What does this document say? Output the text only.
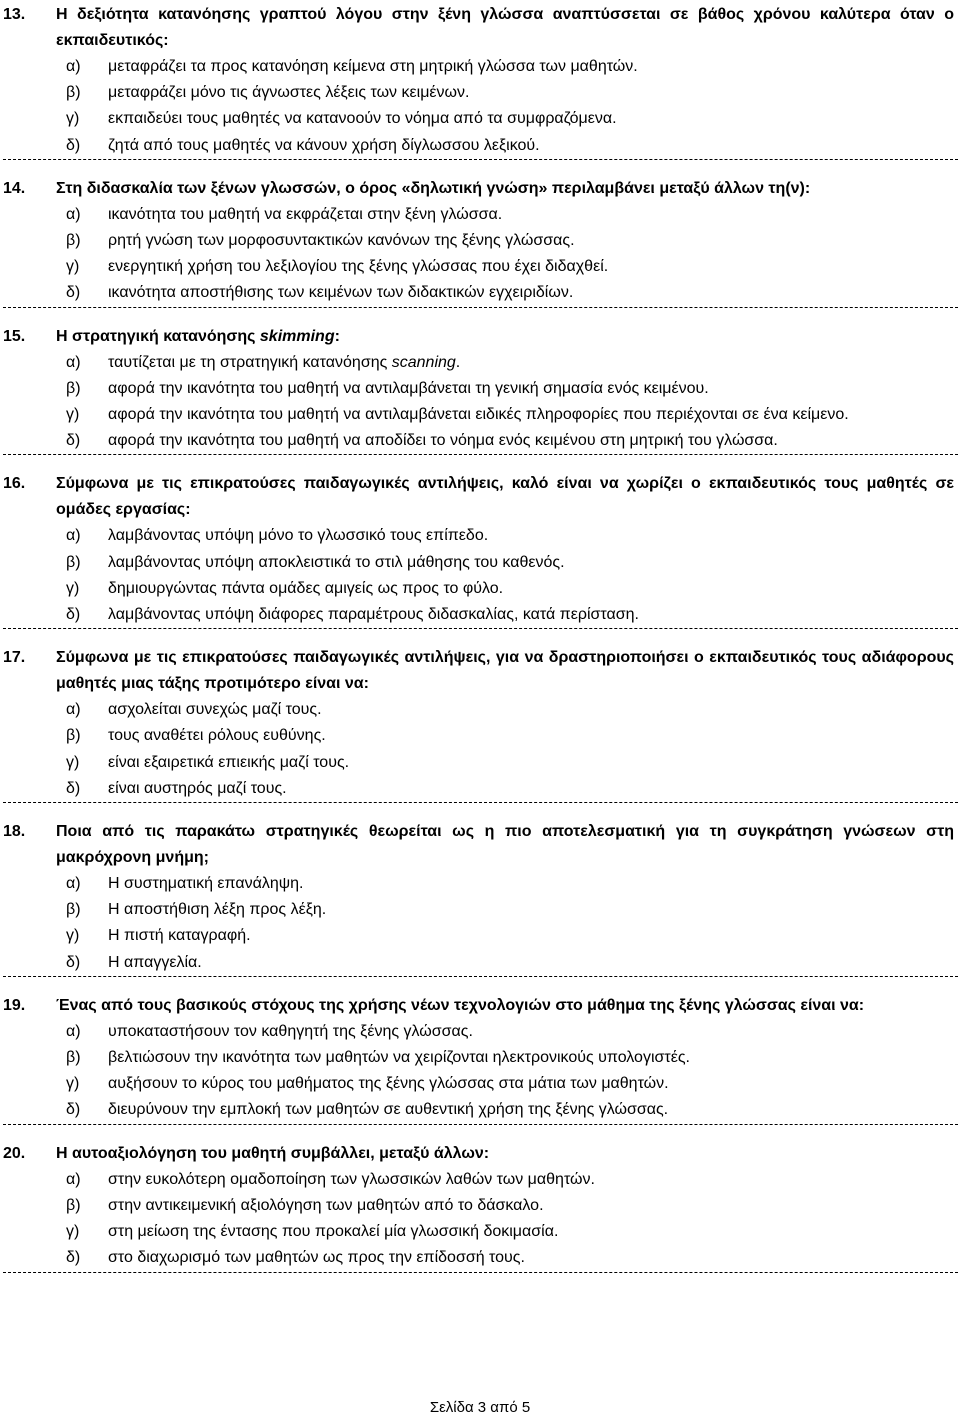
13.	Η δεξιότητα κατανόησης γραπτού λόγου στην ξένη γλώσσα αναπτύσσεται σε βάθος χρόνου καλύτερα όταν ο εκπαιδευτικός:
α)	μεταφράζει τα προς κατανόηση κείμενα στη μητρική γλώσσα των μαθητών.
β)	μεταφράζει μόνο τις άγνωστες λέξεις των κειμένων.
γ)	εκπαιδεύει τους μαθητές να κατανοούν το νόημα από τα συμφραζόμενα.
δ)	ζητά από τους μαθητές να κάνουν χρήση δίγλωσσου λεξικού.
14.	Στη διδασκαλία των ξένων γλωσσών, ο όρος «δηλωτική γνώση» περιλαμβάνει μεταξύ άλλων τη(ν):
α)	ικανότητα του μαθητή να εκφράζεται στην ξένη γλώσσα.
β)	ρητή γνώση των μορφοσυντακτικών κανόνων της ξένης γλώσσας.
γ)	ενεργητική χρήση του λεξιλογίου της ξένης γλώσσας που έχει διδαχθεί.
δ)	ικανότητα αποστήθισης των κειμένων των διδακτικών εγχειριδίων.
15.	Η στρατηγική κατανόησης skimming:
α)	ταυτίζεται με τη στρατηγική κατανόησης scanning.
β)	αφορά την ικανότητα του μαθητή να αντιλαμβάνεται τη γενική σημασία ενός κειμένου.
γ)	αφορά την ικανότητα του μαθητή να αντιλαμβάνεται ειδικές πληροφορίες που περιέχονται σε ένα κείμενο.
δ)	αφορά την ικανότητα του μαθητή να αποδίδει το νόημα ενός κειμένου στη μητρική του γλώσσα.
16.	Σύμφωνα με τις επικρατούσες παιδαγωγικές αντιλήψεις, καλό είναι να χωρίζει ο εκπαιδευτικός τους μαθητές σε ομάδες εργασίας:
α)	λαμβάνοντας υπόψη μόνο το γλωσσικό τους επίπεδο.
β)	λαμβάνοντας υπόψη αποκλειστικά το στιλ μάθησης του καθενός.
γ)	δημιουργώντας πάντα ομάδες αμιγείς ως προς το φύλο.
δ)	λαμβάνοντας υπόψη διάφορες παραμέτρους διδασκαλίας, κατά περίσταση.
17.	Σύμφωνα με τις επικρατούσες παιδαγωγικές αντιλήψεις, για να δραστηριοποιήσει ο εκπαιδευτικός τους αδιάφορους μαθητές μιας τάξης προτιμότερο είναι να:
α)	ασχολείται συνεχώς μαζί τους.
β)	τους αναθέτει ρόλους ευθύνης.
γ)	είναι εξαιρετικά επιεικής μαζί τους.
δ)	είναι αυστηρός μαζί τους.
18.	Ποια από τις παρακάτω στρατηγικές θεωρείται ως η πιο αποτελεσματική για τη συγκράτηση γνώσεων στη μακρόχρονη μνήμη;
α)	Η συστηματική επανάληψη.
β)	Η αποστήθιση λέξη προς λέξη.
γ)	Η πιστή καταγραφή.
δ)	Η απαγγελία.
19.	Ένας από τους βασικούς στόχους της χρήσης νέων τεχνολογιών στο μάθημα της ξένης γλώσσας είναι να:
α)	υποκαταστήσουν τον καθηγητή της ξένης γλώσσας.
β)	βελτιώσουν την ικανότητα των μαθητών να χειρίζονται ηλεκτρονικούς υπολογιστές.
γ)	αυξήσουν το κύρος του μαθήματος της ξένης γλώσσας στα μάτια των μαθητών.
δ)	διευρύνουν την εμπλοκή των μαθητών σε αυθεντική χρήση της ξένης γλώσσας.
20.	Η αυτοαξιολόγηση του μαθητή συμβάλλει, μεταξύ άλλων:
α)	στην ευκολότερη ομαδοποίηση των γλωσσικών λαθών των μαθητών.
β)	στην αντικειμενική αξιολόγηση των μαθητών από το δάσκαλο.
γ)	στη μείωση της έντασης που προκαλεί μία γλωσσική δοκιμασία.
δ)	στο διαχωρισμό των μαθητών ως προς την επίδοσσή τους.
Σελίδα 3 από 5
